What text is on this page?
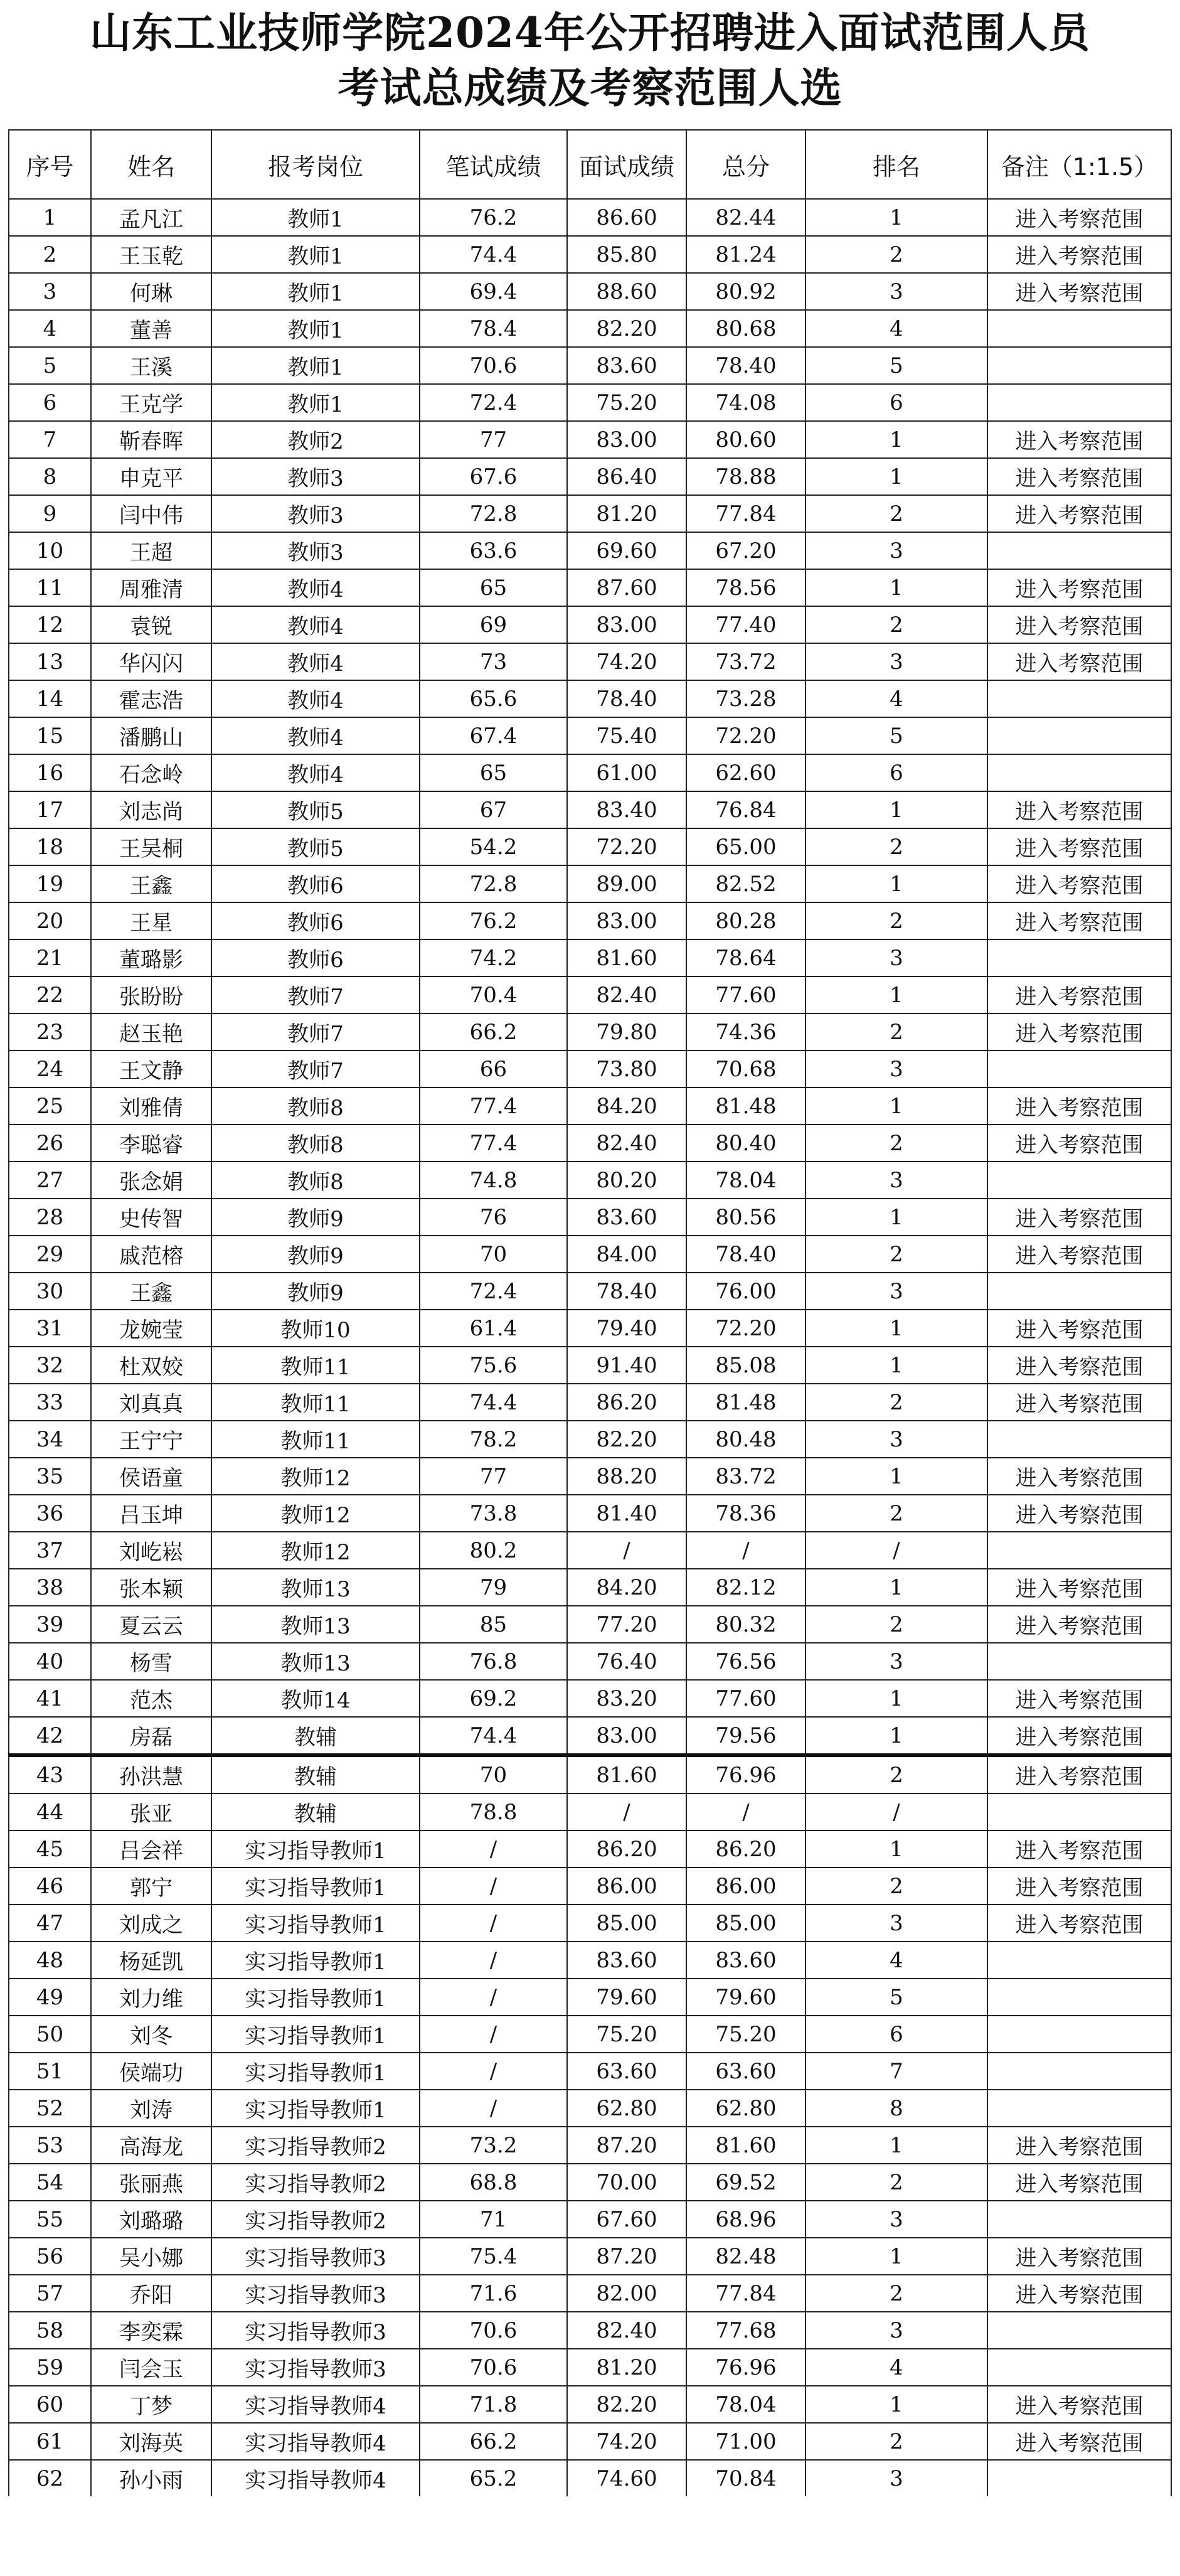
山东工业技师学院2024年公开招聘进入面试范围人员
考试总成绩及考察范围人选
序号	姓名	报考岗位	笔试成绩	面试成绩	总分	排名	备注（1:1.5）
1	孟凡江	教师1	76.2	86.60	82.44	1	进入考察范围
2	王玉乾	教师1	74.4	85.80	81.24	2	进入考察范围
3	何琳	教师1	69.4	88.60	80.92	3	进入考察范围
4	董善	教师1	78.4	82.20	80.68	4	
5	王溪	教师1	70.6	83.60	78.40	5	
6	王克学	教师1	72.4	75.20	74.08	6	
7	靳春晖	教师2	77	83.00	80.60	1	进入考察范围
8	申克平	教师3	67.6	86.40	78.88	1	进入考察范围
9	闫中伟	教师3	72.8	81.20	77.84	2	进入考察范围
10	王超	教师3	63.6	69.60	67.20	3	
11	周雅清	教师4	65	87.60	78.56	1	进入考察范围
12	袁锐	教师4	69	83.00	77.40	2	进入考察范围
13	华闪闪	教师4	73	74.20	73.72	3	进入考察范围
14	霍志浩	教师4	65.6	78.40	73.28	4	
15	潘鹏山	教师4	67.4	75.40	72.20	5	
16	石念岭	教师4	65	61.00	62.60	6	
17	刘志尚	教师5	67	83.40	76.84	1	进入考察范围
18	王吴桐	教师5	54.2	72.20	65.00	2	进入考察范围
19	王鑫	教师6	72.8	89.00	82.52	1	进入考察范围
20	王星	教师6	76.2	83.00	80.28	2	进入考察范围
21	董璐影	教师6	74.2	81.60	78.64	3	
22	张盼盼	教师7	70.4	82.40	77.60	1	进入考察范围
23	赵玉艳	教师7	66.2	79.80	74.36	2	进入考察范围
24	王文静	教师7	66	73.80	70.68	3	
25	刘雅倩	教师8	77.4	84.20	81.48	1	进入考察范围
26	李聪睿	教师8	77.4	82.40	80.40	2	进入考察范围
27	张念娟	教师8	74.8	80.20	78.04	3	
28	史传智	教师9	76	83.60	80.56	1	进入考察范围
29	戚范榕	教师9	70	84.00	78.40	2	进入考察范围
30	王鑫	教师9	72.4	78.40	76.00	3	
31	龙婉莹	教师10	61.4	79.40	72.20	1	进入考察范围
32	杜双姣	教师11	75.6	91.40	85.08	1	进入考察范围
33	刘真真	教师11	74.4	86.20	81.48	2	进入考察范围
34	王宁宁	教师11	78.2	82.20	80.48	3	
35	侯语童	教师12	77	88.20	83.72	1	进入考察范围
36	吕玉坤	教师12	73.8	81.40	78.36	2	进入考察范围
37	刘屹崧	教师12	80.2	/	/	/	
38	张本颖	教师13	79	84.20	82.12	1	进入考察范围
39	夏云云	教师13	85	77.20	80.32	2	进入考察范围
40	杨雪	教师13	76.8	76.40	76.56	3	
41	范杰	教师14	69.2	83.20	77.60	1	进入考察范围
42	房磊	教辅	74.4	83.00	79.56	1	进入考察范围
43	孙洪慧	教辅	70	81.60	76.96	2	进入考察范围
44	张亚	教辅	78.8	/	/	/	
45	吕会祥	实习指导教师1	/	86.20	86.20	1	进入考察范围
46	郭宁	实习指导教师1	/	86.00	86.00	2	进入考察范围
47	刘成之	实习指导教师1	/	85.00	85.00	3	进入考察范围
48	杨延凯	实习指导教师1	/	83.60	83.60	4	
49	刘力维	实习指导教师1	/	79.60	79.60	5	
50	刘冬	实习指导教师1	/	75.20	75.20	6	
51	侯端功	实习指导教师1	/	63.60	63.60	7	
52	刘涛	实习指导教师1	/	62.80	62.80	8	
53	高海龙	实习指导教师2	73.2	87.20	81.60	1	进入考察范围
54	张丽燕	实习指导教师2	68.8	70.00	69.52	2	进入考察范围
55	刘璐璐	实习指导教师2	71	67.60	68.96	3	
56	吴小娜	实习指导教师3	75.4	87.20	82.48	1	进入考察范围
57	乔阳	实习指导教师3	71.6	82.00	77.84	2	进入考察范围
58	李奕霖	实习指导教师3	70.6	82.40	77.68	3	
59	闫会玉	实习指导教师3	70.6	81.20	76.96	4	
60	丁梦	实习指导教师4	71.8	82.20	78.04	1	进入考察范围
61	刘海英	实习指导教师4	66.2	74.20	71.00	2	进入考察范围
62	孙小雨	实习指导教师4	65.2	74.60	70.84	3	
